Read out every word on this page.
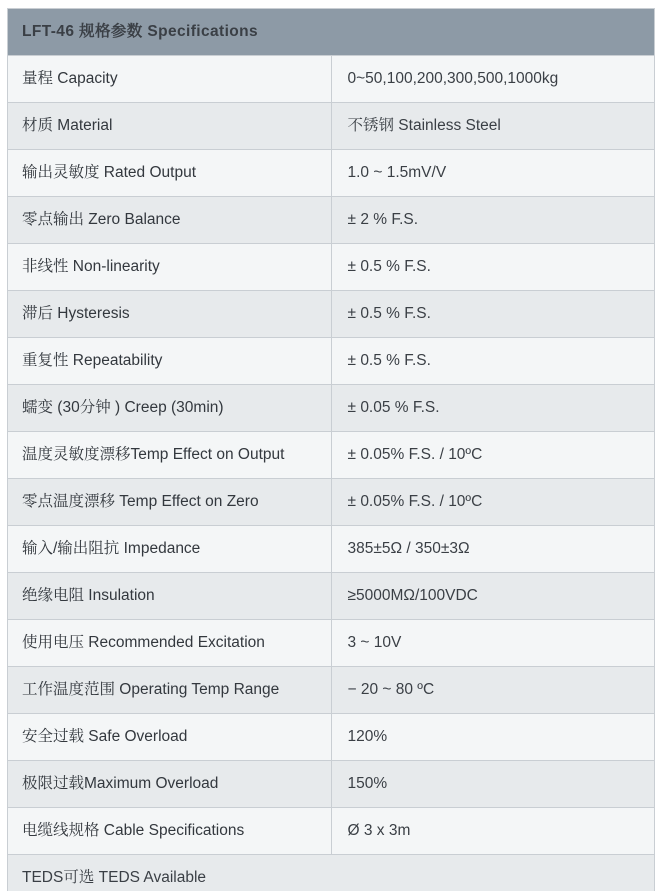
LFT-46 规格参数 Specifications	

量程 Capacity	0~50,100,200,300,500,1000kg

材质 Material	不锈钢 Stainless Steel

输出灵敏度 Rated Output	1.0 ~ 1.5mV/V

零点输出 Zero Balance	± 2 % F.S.

非线性 Non-linearity	± 0.5 % F.S.

滞后 Hysteresis	± 0.5 % F.S.

重复性 Repeatability	± 0.5 % F.S.

蠕变 (30分钟 ) Creep (30min)	± 0.05 % F.S.

温度灵敏度漂移Temp Effect on Output	± 0.05% F.S. / 10ºC

零点温度漂移 Temp Effect on Zero	± 0.05% F.S. / 10ºC

输入/输出阻抗 Impedance	385±5Ω / 350±3Ω

绝缘电阻 Insulation	≥5000MΩ/100VDC

使用电压 Recommended Excitation	3 ~ 10V

工作温度范围 Operating Temp Range	− 20 ~ 80 ºC

安全过载 Safe Overload	120%

极限过载Maximum Overload	150%

电缆线规格 Cable Specifications	Ø 3 x 3m

TEDS可选 TEDS Available	
